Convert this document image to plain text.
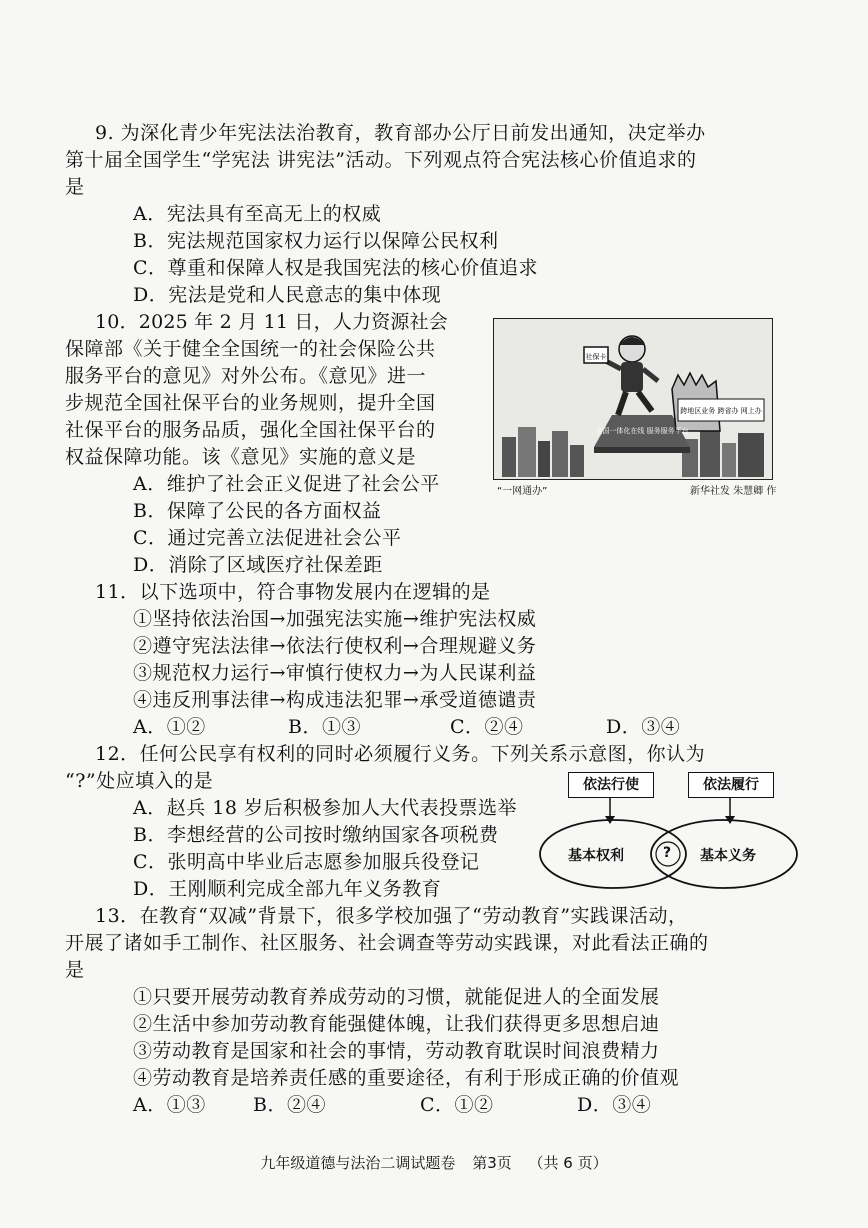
9. 为深化青少年宪法法治教育，教育部办公厅日前发出通知，决定举办
第十届全国学生“学宪法 讲宪法”活动。下列观点符合宪法核心价值追求的
是
A．宪法具有至高无上的权威
B．宪法规范国家权力运行以保障公民权利
C．尊重和保障人权是我国宪法的核心价值追求
D．宪法是党和人民意志的集中体现
10．2025 年 2 月 11 日，人力资源社会
保障部《关于健全全国统一的社会保险公共
服务平台的意见》对外公布。《意见》进一
步规范全国社保平台的业务规则，提升全国
社保平台的服务品质，强化全国社保平台的
权益保障功能。该《意见》实施的意义是
A．维护了社会正义促进了社会公平
B．保障了公民的各方面权益
C．通过完善立法促进社会公平
D．消除了区域医疗社保差距
社保卡
跨地区业务 跨省办 网上办
全国一体化在线 服务服务平台
“一网通办”	新华社发 朱慧卿 作
11．以下选项中，符合事物发展内在逻辑的是
①坚持依法治国→加强宪法实施→维护宪法权威
②遵守宪法法律→依法行使权利→合理规避义务
③规范权力运行→审慎行使权力→为人民谋利益
④违反刑事法律→构成违法犯罪→承受道德谴责
A．①②	B．①③	C．②④	D．③④
12．任何公民享有权利的同时必须履行义务。下列关系示意图，你认为
“?”处应填入的是
A．赵兵 18 岁后积极参加人大代表投票选举
B．李想经营的公司按时缴纳国家各项税费
C．张明高中毕业后志愿参加服兵役登记
D．王刚顺利完成全部九年义务教育
依法行使	依法履行
基本权利	? 基本义务
13．在教育“双减”背景下，很多学校加强了“劳动教育”实践课活动，
开展了诸如手工制作、社区服务、社会调查等劳动实践课，对此看法正确的
是
①只要开展劳动教育养成劳动的习惯，就能促进人的全面发展
②生活中参加劳动教育能强健体魄，让我们获得更多思想启迪
③劳动教育是国家和社会的事情，劳动教育耽误时间浪费精力
④劳动教育是培养责任感的重要途径，有利于形成正确的价值观
A．①③ B．②④	C．①②	D．③④
九年级道德与法治二调试题卷 第3页 （共 6 页）
